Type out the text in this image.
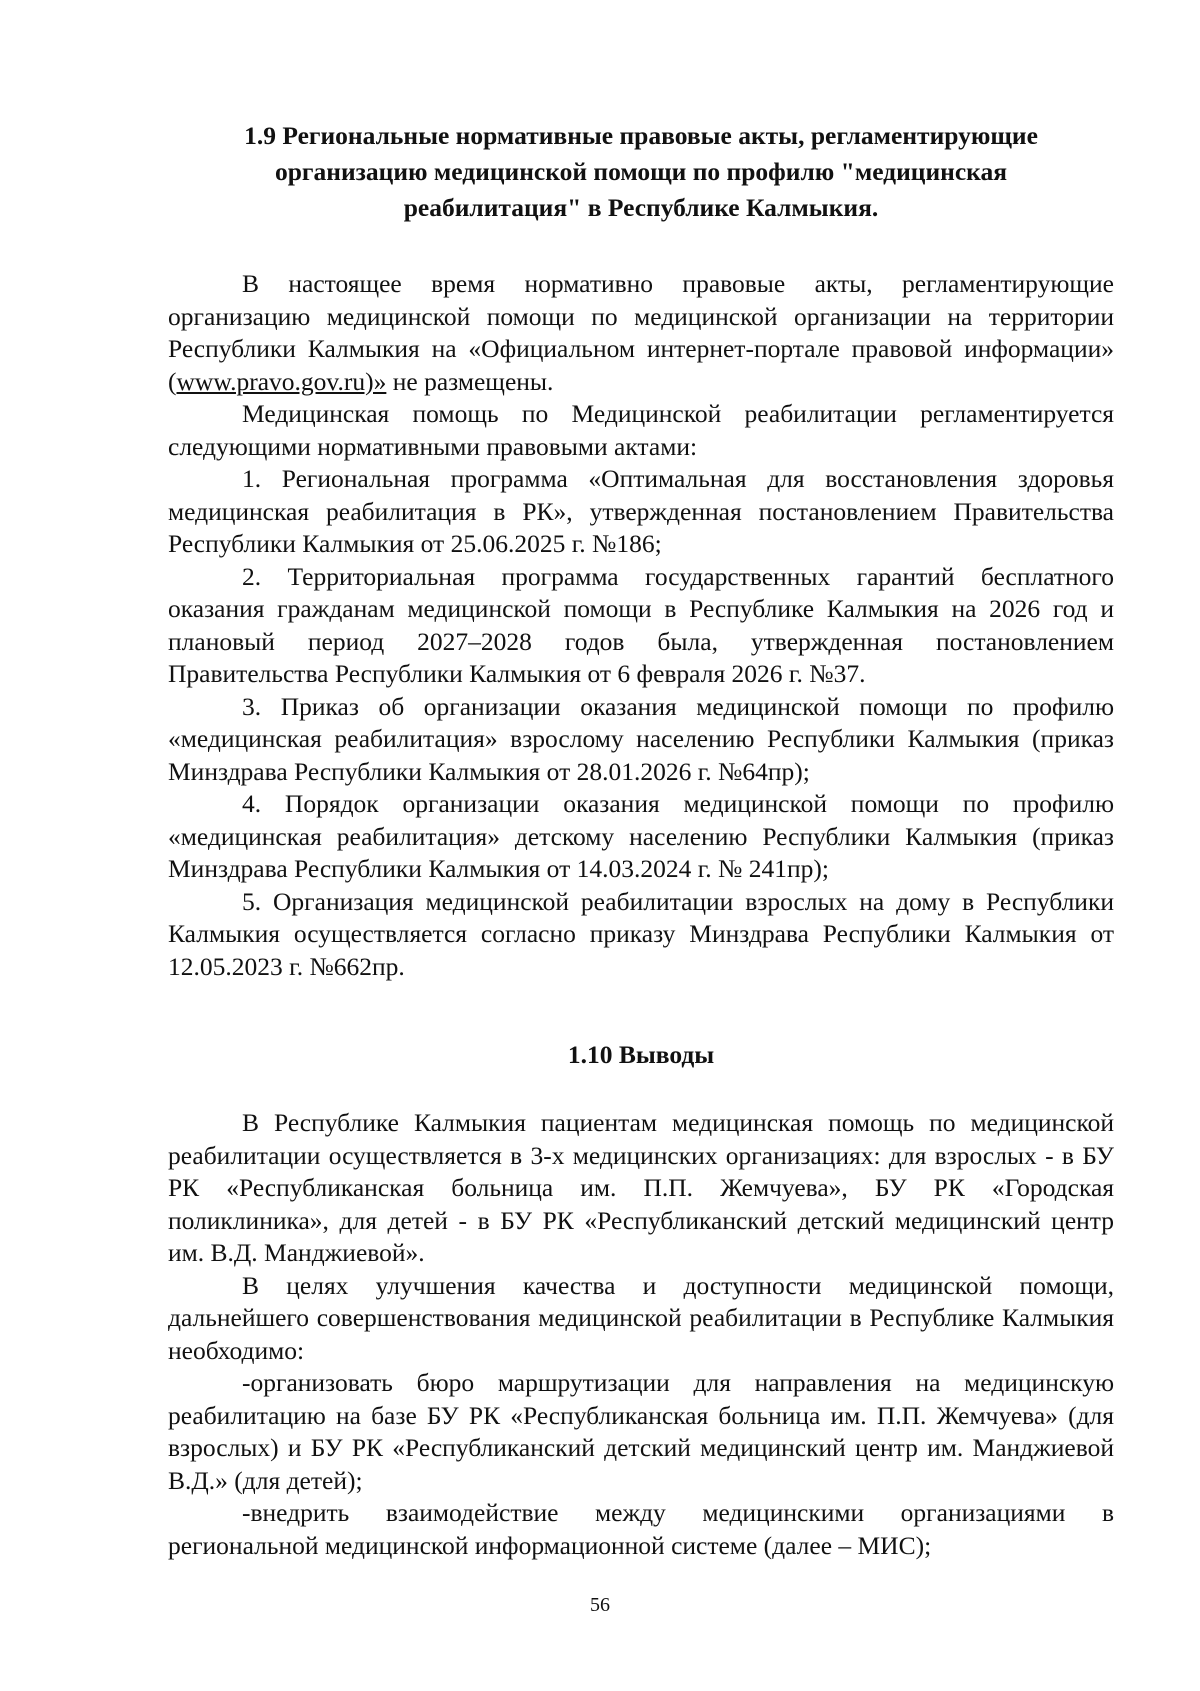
1.9 Региональные нормативные правовые акты, регламентирующие организацию медицинской помощи по профилю "медицинская реабилитация" в Республике Калмыкия.

В настоящее время нормативно правовые акты, регламентирующие организацию медицинской помощи по медицинской организации на территории Республики Калмыкия на «Официальном интернет-портале правовой информации» (www.pravo.gov.ru)» не размещены.

Медицинская помощь по Медицинской реабилитации регламентируется следующими нормативными правовыми актами:

1. Региональная программа «Оптимальная для восстановления здоровья медицинская реабилитация в РК», утвержденная постановлением Правительства Республики Калмыкия от 25.06.2025 г. №186;

2. Территориальная программа государственных гарантий бесплатного оказания гражданам медицинской помощи в Республике Калмыкия на 2026 год и плановый период 2027–2028 годов была, утвержденная постановлением Правительства Республики Калмыкия от 6 февраля 2026 г. №37.

3. Приказ об организации оказания медицинской помощи по профилю «медицинская реабилитация» взрослому населению Республики Калмыкия (приказ Минздрава Республики Калмыкия от 28.01.2026 г. №64пр);

4. Порядок организации оказания медицинской помощи по профилю «медицинская реабилитация» детскому населению Республики Калмыкия (приказ Минздрава Республики Калмыкия от 14.03.2024 г. № 241пр);

5. Организация медицинской реабилитации взрослых на дому в Республики Калмыкия осуществляется согласно приказу Минздрава Республики Калмыкия от 12.05.2023 г. №662пр.

1.10 Выводы

В Республике Калмыкия пациентам медицинская помощь по медицинской реабилитации осуществляется в 3-х медицинских организациях: для взрослых - в БУ РК «Республиканская больница им. П.П. Жемчуева», БУ РК «Городская поликлиника», для детей - в БУ РК «Республиканский детский медицинский центр им. В.Д. Манджиевой».

В целях улучшения качества и доступности медицинской помощи, дальнейшего совершенствования медицинской реабилитации в Республике Калмыкия необходимо:

-организовать бюро маршрутизации для направления на медицинскую реабилитацию на базе БУ РК «Республиканская больница им. П.П. Жемчуева» (для взрослых) и БУ РК «Республиканский детский медицинский центр им. Манджиевой В.Д.» (для детей);

-внедрить взаимодействие между медицинскими организациями в региональной медицинской информационной системе (далее – МИС);

56
